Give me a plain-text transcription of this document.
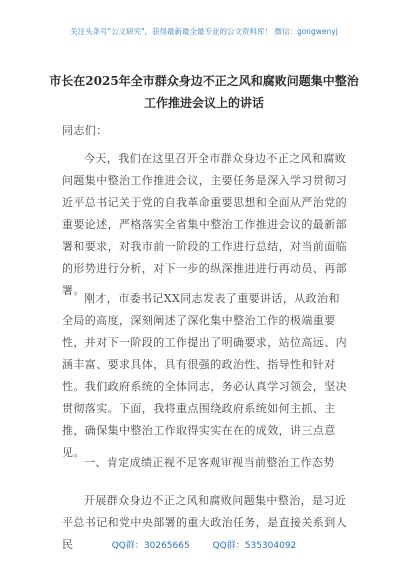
关注头条号"公文研究"，获得最新最全最专业的公文资料库！ 微信：gongwenyj
市长在2025年全市群众身边不正之风和腐败问题集中整治
工作推进会议上的讲话
同志们：
今天，我们在这里召开全市群众身边不正之风和腐败问题集中整治工作推进会议，主要任务是深入学习贯彻习近平总书记关于党的自我革命重要思想和全面从严治党的重要论述，严格落实全省集中整治工作推进会议的最新部署和要求，对我市前一阶段的工作进行总结，对当前面临的形势进行分析，对下一步的纵深推进进行再动员、再部署。
刚才，市委书记XX同志发表了重要讲话，从政治和全局的高度，深刻阐述了深化集中整治工作的极端重要性，并对下一阶段的工作提出了明确要求，站位高远、内涵丰富、要求具体，具有很强的政治性、指导性和针对性。我们政府系统的全体同志，务必认真学习领会，坚决贯彻落实。下面，我将重点围绕政府系统如何主抓、主推，确保集中整治工作取得实实在在的成效，讲三点意见。
一、肯定成绩正视不足客观审视当前整治工作态势
开展群众身边不正之风和腐败问题集中整治，是习近平总书记和党中央部署的重大政治任务，是直接关系到人民	QQ群：30265665	QQ群：535304092
